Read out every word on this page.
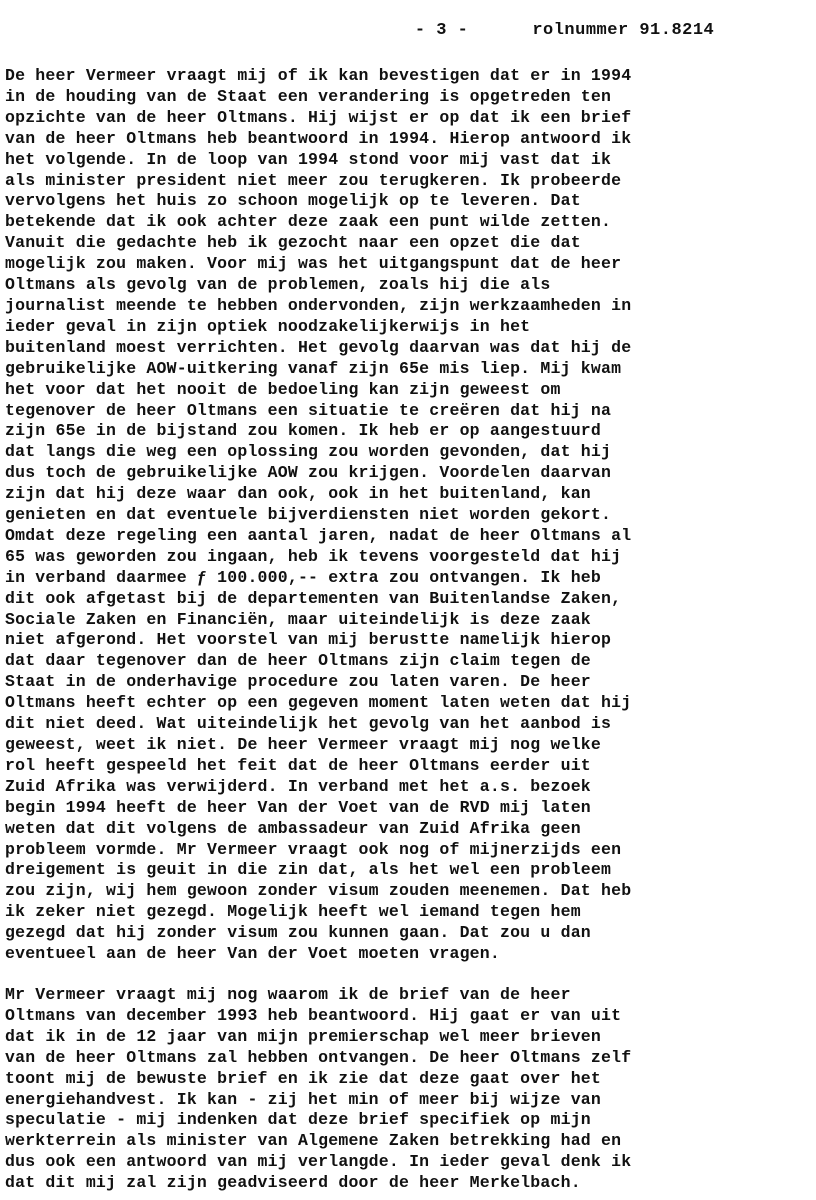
- 3 -	rolnummer 91.8214

De heer Vermeer vraagt mij of ik kan bevestigen dat er in 1994
in de houding van de Staat een verandering is opgetreden ten
opzichte van de heer Oltmans. Hij wijst er op dat ik een brief
van de heer Oltmans heb beantwoord in 1994. Hierop antwoord ik
het volgende. In de loop van 1994 stond voor mij vast dat ik
als minister president niet meer zou terugkeren. Ik probeerde
vervolgens het huis zo schoon mogelijk op te leveren. Dat
betekende dat ik ook achter deze zaak een punt wilde zetten.
Vanuit die gedachte heb ik gezocht naar een opzet die dat
mogelijk zou maken. Voor mij was het uitgangspunt dat de heer
Oltmans als gevolg van de problemen, zoals hij die als
journalist meende te hebben ondervonden, zijn werkzaamheden in
ieder geval in zijn optiek noodzakelijkerwijs in het
buitenland moest verrichten. Het gevolg daarvan was dat hij de
gebruikelijke AOW-uitkering vanaf zijn 65e mis liep. Mij kwam
het voor dat het nooit de bedoeling kan zijn geweest om
tegenover de heer Oltmans een situatie te creëren dat hij na
zijn 65e in de bijstand zou komen. Ik heb er op aangestuurd
dat langs die weg een oplossing zou worden gevonden, dat hij
dus toch de gebruikelijke AOW zou krijgen. Voordelen daarvan
zijn dat hij deze waar dan ook, ook in het buitenland, kan
genieten en dat eventuele bijverdiensten niet worden gekort.
Omdat deze regeling een aantal jaren, nadat de heer Oltmans al
65 was geworden zou ingaan, heb ik tevens voorgesteld dat hij
in verband daarmee ƒ 100.000,-- extra zou ontvangen. Ik heb
dit ook afgetast bij de departementen van Buitenlandse Zaken,
Sociale Zaken en Financiën, maar uiteindelijk is deze zaak
niet afgerond. Het voorstel van mij berustte namelijk hierop
dat daar tegenover dan de heer Oltmans zijn claim tegen de
Staat in de onderhavige procedure zou laten varen. De heer
Oltmans heeft echter op een gegeven moment laten weten dat hij
dit niet deed. Wat uiteindelijk het gevolg van het aanbod is
geweest, weet ik niet. De heer Vermeer vraagt mij nog welke
rol heeft gespeeld het feit dat de heer Oltmans eerder uit
Zuid Afrika was verwijderd. In verband met het a.s. bezoek
begin 1994 heeft de heer Van der Voet van de RVD mij laten
weten dat dit volgens de ambassadeur van Zuid Afrika geen
probleem vormde. Mr Vermeer vraagt ook nog of mijnerzijds een
dreigement is geuit in die zin dat, als het wel een probleem
zou zijn, wij hem gewoon zonder visum zouden meenemen. Dat heb
ik zeker niet gezegd. Mogelijk heeft wel iemand tegen hem
gezegd dat hij zonder visum zou kunnen gaan. Dat zou u dan
eventueel aan de heer Van der Voet moeten vragen.
Mr Vermeer vraagt mij nog waarom ik de brief van de heer
Oltmans van december 1993 heb beantwoord. Hij gaat er van uit
dat ik in de 12 jaar van mijn premierschap wel meer brieven
van de heer Oltmans zal hebben ontvangen. De heer Oltmans zelf
toont mij de bewuste brief en ik zie dat deze gaat over het
energiehandvest. Ik kan - zij het min of meer bij wijze van
speculatie - mij indenken dat deze brief specifiek op mijn
werkterrein als minister van Algemene Zaken betrekking had en
dus ook een antwoord van mij verlangde. In ieder geval denk ik
dat dit mij zal zijn geadviseerd door de heer Merkelbach.
